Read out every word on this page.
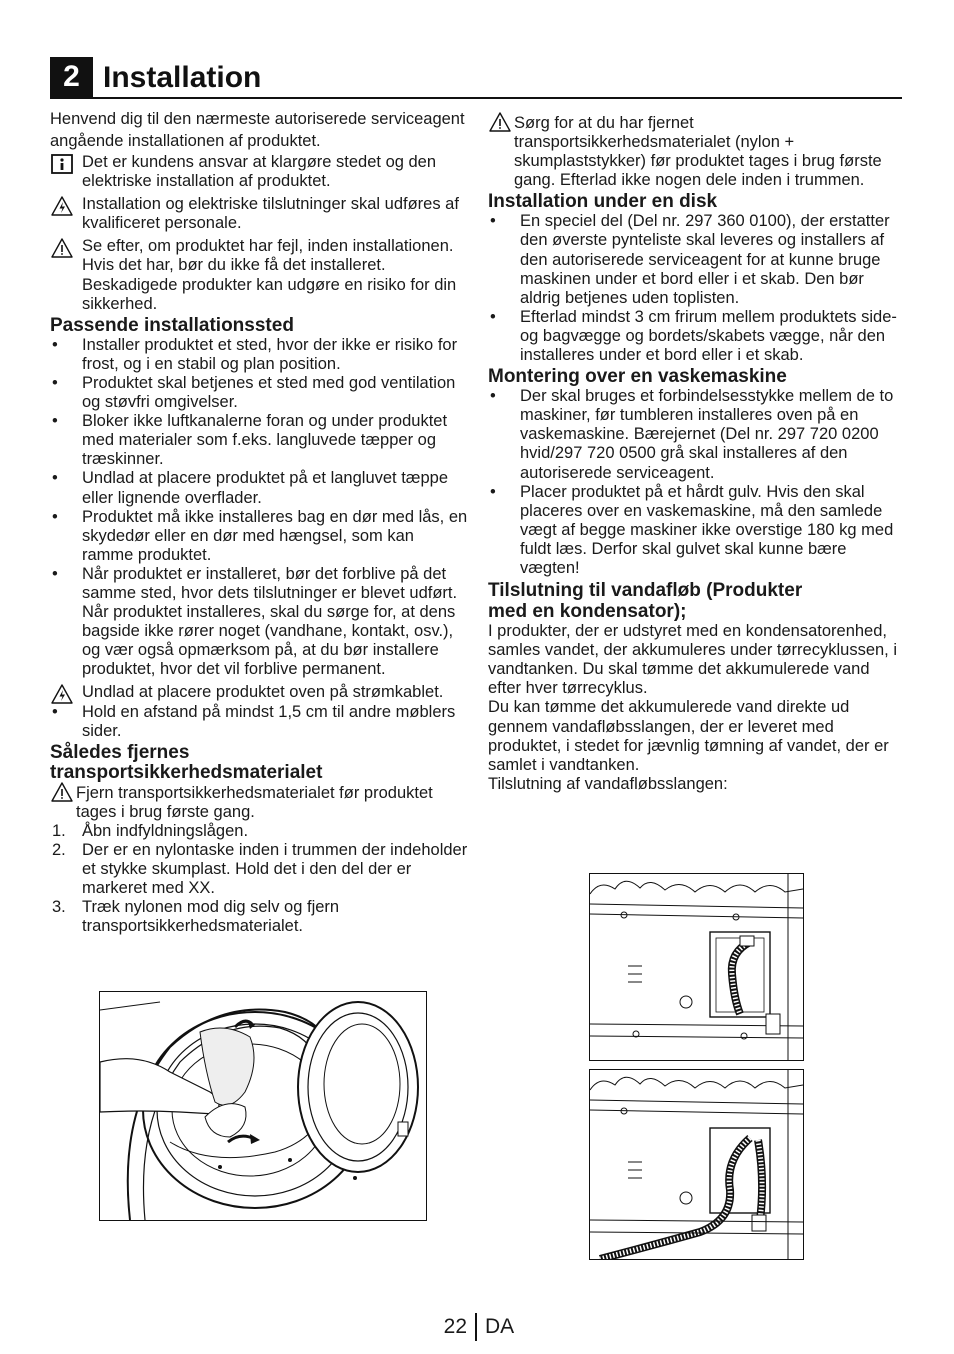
2 Installation

Henvend dig til den nærmeste autoriserede serviceagent angående installationen af produktet.

Det er kundens ansvar at klargøre stedet og den elektriske installation af produktet.
Installation og elektriske tilslutninger skal udføres af kvalificeret personale.
Se efter, om produktet har fejl, inden installationen. Hvis det har, bør du ikke få det installeret. Beskadigede produkter kan udgøre en risiko for din sikkerhed.

Passende installationssted

• Installer produktet et sted, hvor der ikke er risiko for frost, og i en stabil og plan position.
• Produktet skal betjenes et sted med god ventilation og støvfri omgivelser.
• Bloker ikke luftkanalerne foran og under produktet med materialer som f.eks. langluvede tæpper og træskinner.
• Undlad at placere produktet på et langluvet tæppe eller lignende overflader.
• Produktet må ikke installeres bag en dør med lås, en skydedør eller en dør med hængsel, som kan ramme produktet.
• Når produktet er installeret, bør det forblive på det samme sted, hvor dets tilslutninger er blevet udført. Når produktet installeres, skal du sørge for, at dens bagside ikke rører noget (vandhane, kontakt, osv.), og vær også opmærksom på, at du bør installere produktet, hvor det vil forblive permanent.
Undlad at placere produktet oven på strømkablet.
• Hold en afstand på mindst 1,5 cm til andre møblers sider.

Således fjernes
transportsikkerhedsmaterialet

Fjern transportsikkerhedsmaterialet før produktet tages i brug første gang.
1. Åbn indfyldningslågen.
2. Der er en nylontaske inden i trummen der indeholder et stykke skumplast. Hold det i den del der er markeret med XX.
3. Træk nylonen mod dig selv og fjern transportsikkerhedsmaterialet.
Sørg for at du har fjernet transportsikkerhedsmaterialet (nylon + skumplaststykker) før produktet tages i brug første gang. Efterlad ikke nogen dele inden i trummen.

Installation under en disk

• En speciel del (Del nr. 297 360 0100), der erstatter den øverste pynteliste skal leveres og installers af den autoriserede serviceagent for at kunne bruge maskinen under et bord eller i et skab. Den bør aldrig betjenes uden toplisten.
• Efterlad mindst 3 cm frirum mellem produktets side- og bagvægge og bordets/skabets vægge, når den installeres under et bord eller i et skab.

Montering over en vaskemaskine

• Der skal bruges et forbindelsesstykke mellem de to maskiner, før tumbleren installeres oven på en vaskemaskine. Bærejernet (Del nr. 297 720 0200 hvid/297 720 0500 grå skal installeres af den autoriserede serviceagent.
• Placer produktet på et hårdt gulv. Hvis den skal placeres over en vaskemaskine, må den samlede vægt af begge maskiner ikke overstige 180 kg med fuldt læs. Derfor skal gulvet skal kunne bære vægten!

Tilslutning til vandafløb (Produkter
med en kondensator);

I produkter, der er udstyret med en kondensatorenhed, samles vandet, der akkumuleres under tørrecyklussen, i vandtanken. Du skal tømme det akkumulerede vand efter hver tørrecyklus.

Du kan tømme det akkumulerede vand direkte ud gennem vandafløbsslangen, der er leveret med produktet, i stedet for jævnlig tømning af vandet, der er samlet i vandtanken.

Tilslutning af vandafløbsslangen:

22 DA
